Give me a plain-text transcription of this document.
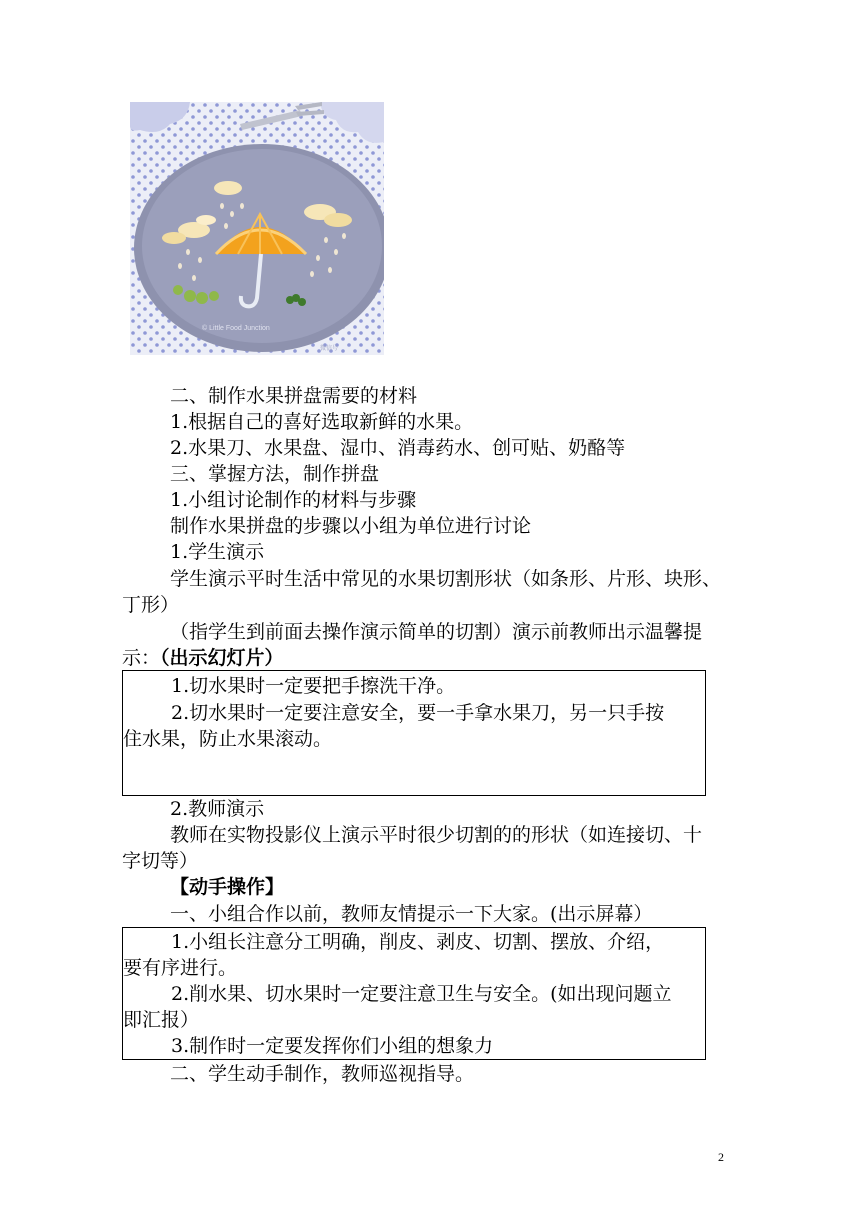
© Little Food Junction
微信号
二、制作水果拼盘需要的材料
1.根据自己的喜好选取新鲜的水果。
2.水果刀、水果盘、湿巾、消毒药水、创可贴、奶酪等
三、掌握方法，制作拼盘
1.小组讨论制作的材料与步骤
制作水果拼盘的步骤以小组为单位进行讨论
1.学生演示
学生演示平时生活中常见的水果切割形状（如条形、片形、块形、
丁形）
（指学生到前面去操作演示简单的切割）演示前教师出示温馨提
示：（出示幻灯片）
1.切水果时一定要把手擦洗干净。
2.切水果时一定要注意安全，要一手拿水果刀，另一只手按
住水果，防止水果滚动。
2.教师演示
教师在实物投影仪上演示平时很少切割的的形状（如连接切、十
字切等）
【动手操作】
一、小组合作以前，教师友情提示一下大家。(出示屏幕）
1.小组长注意分工明确，削皮、剥皮、切割、摆放、介绍，
要有序进行。
2.削水果、切水果时一定要注意卫生与安全。(如出现问题立
即汇报）
3.制作时一定要发挥你们小组的想象力
二、学生动手制作，教师巡视指导。
2
